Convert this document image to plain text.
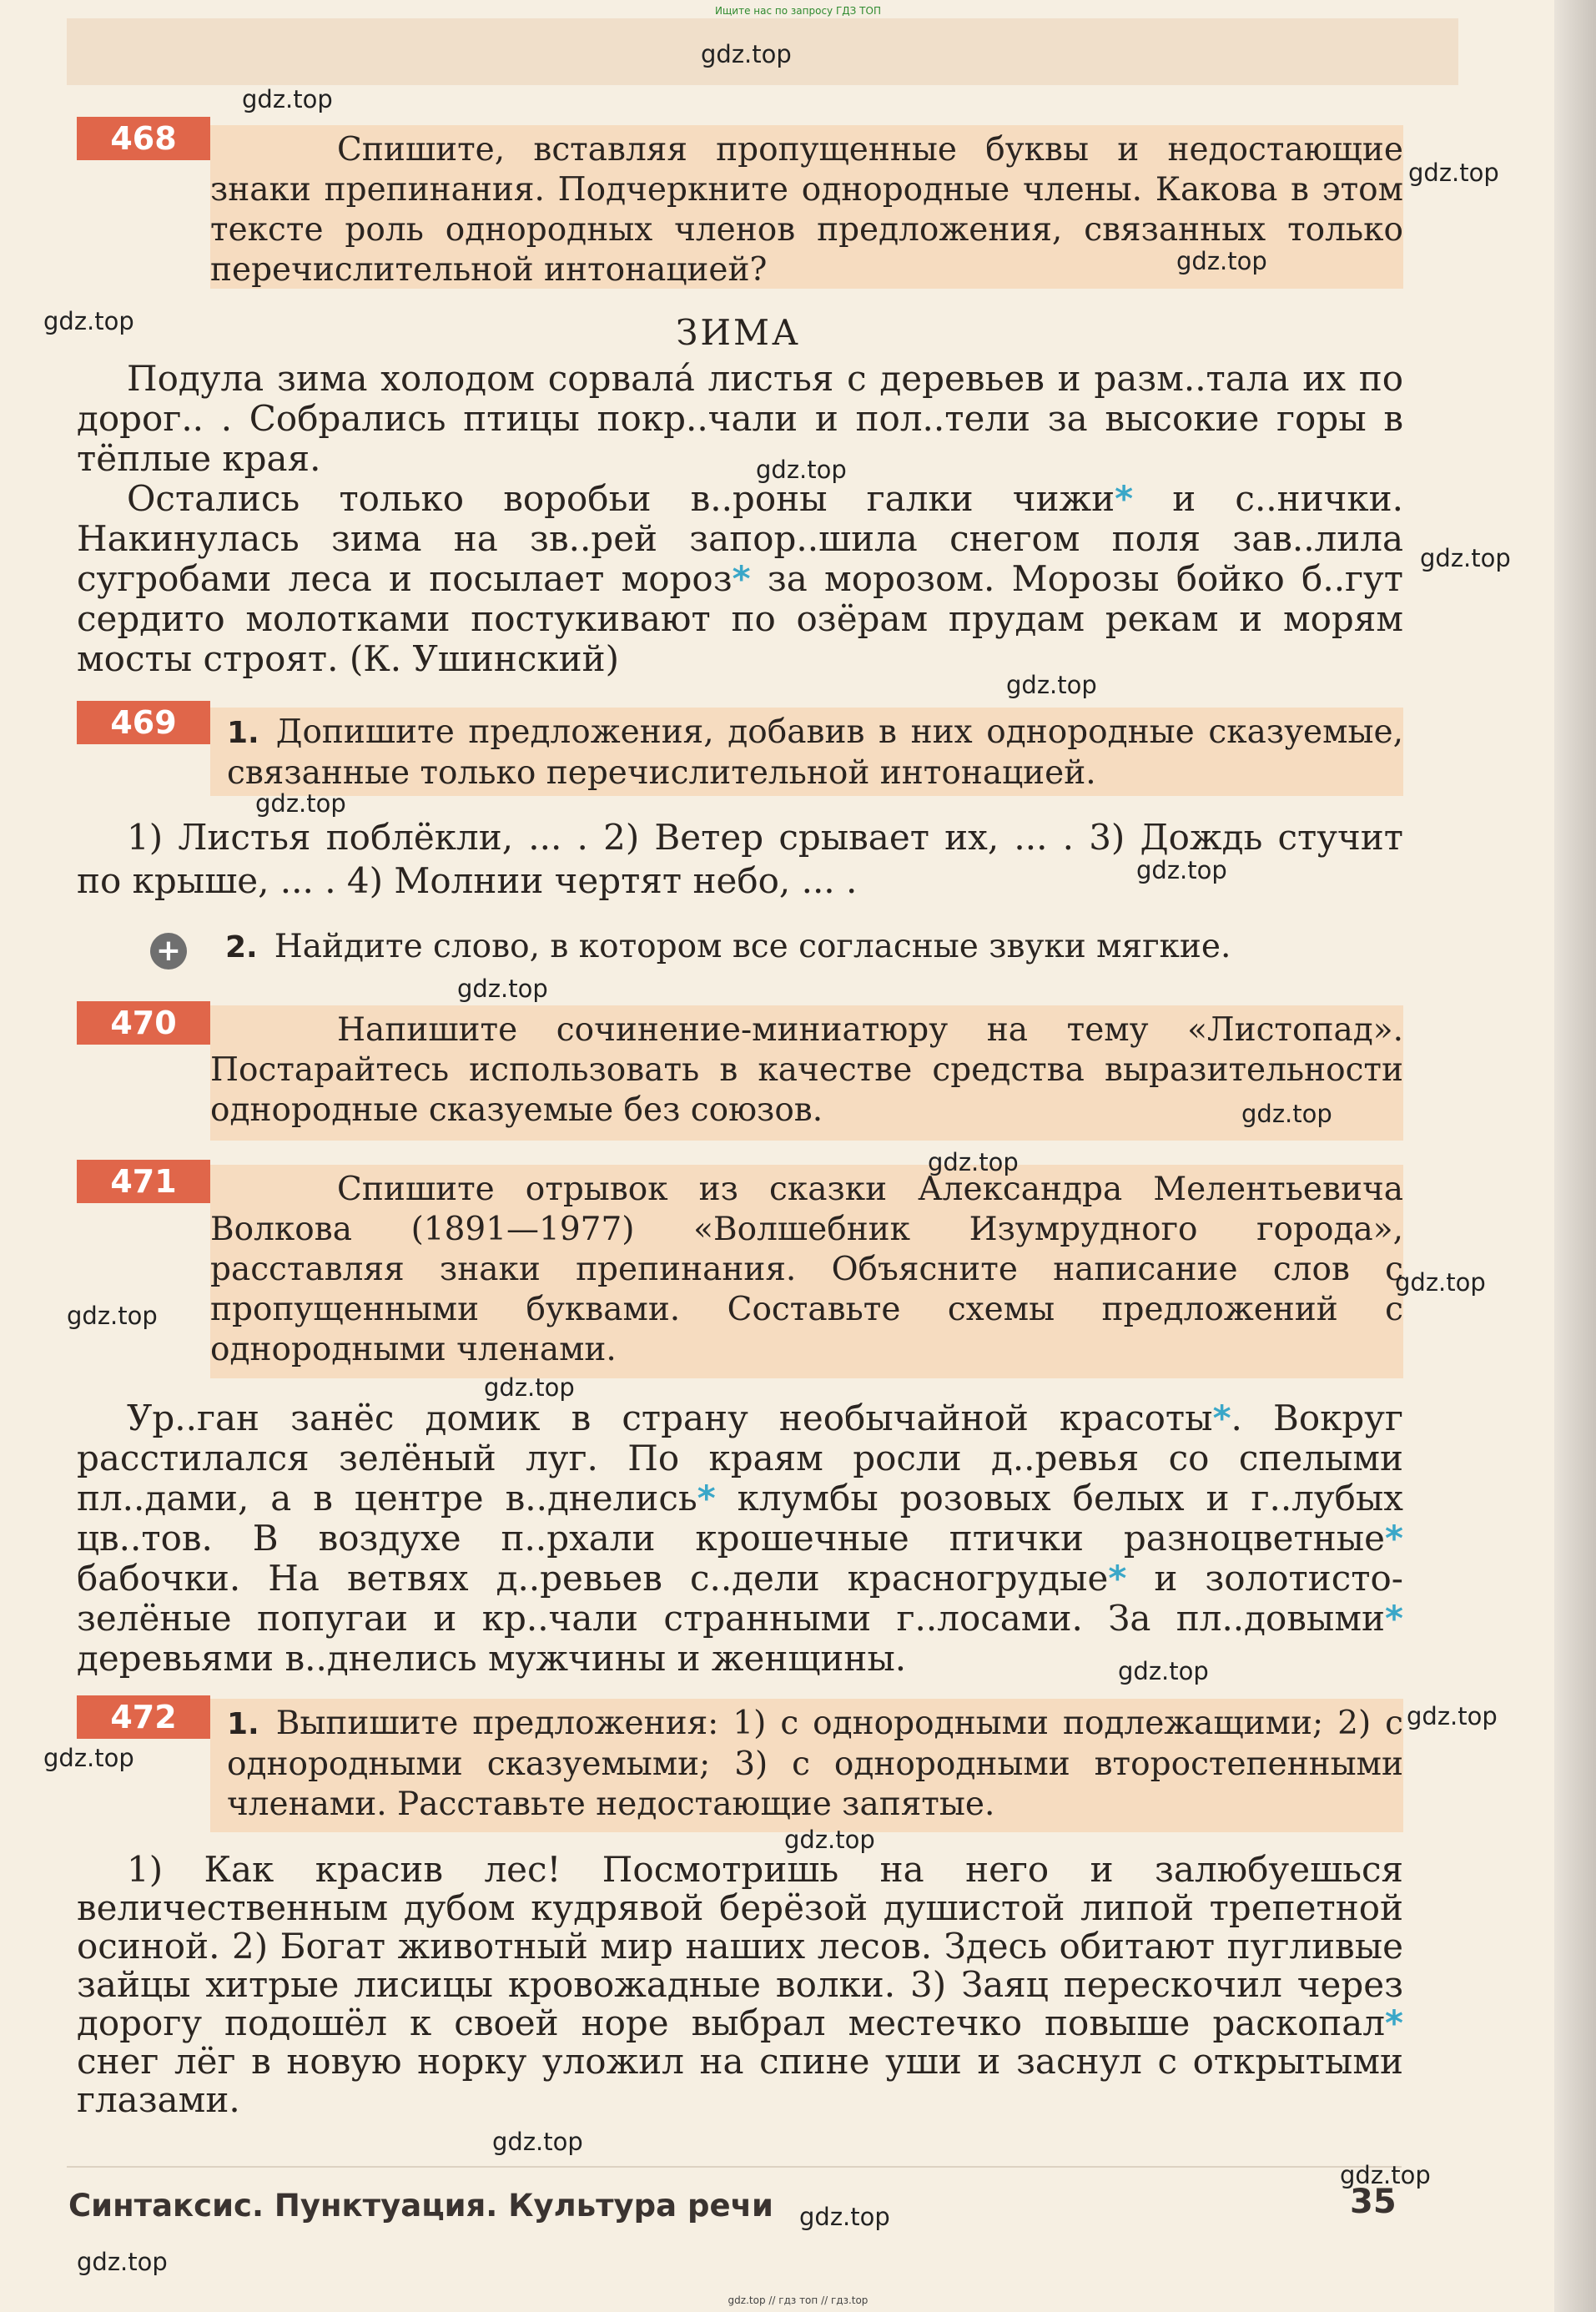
Ищите нас по запросу ГДЗ ТОП
468	Спишите, вставляя пропущенные буквы и недостающие знаки препинания. Подчеркните однородные члены. Какова в этом тексте роль однородных членов предложения, связанных только перечислительной интонацией?

ЗИМА

Подула зима холодом сорвала́ листья с деревьев и разм..тала их по дорог.. . Собрались птицы покр..чали и пол..тели за высокие горы в тёплые края.

Остались только воробьи в..роны галки чижи* и с..нички. Накинулась зима на зв..рей запор..шила снегом поля зав..лила сугробами леса и посылает мороз* за морозом. Морозы бойко б..гут сердито молотками постукивают по озёрам прудам рекам и морям мосты строят. (К. Ушинский)

469	1. Допишите предложения, добавив в них однородные сказуемые, связанные только перечислительной интонацией.

1) Листья поблёкли, ... . 2) Ветер срывает их, ... . 3) Дождь стучит по крыше, ... . 4) Молнии чертят небо, ... .

+ 2. Найдите слово, в котором все согласные звуки мягкие.
470	Напишите сочинение-миниатюру на тему «Листопад». Постарайтесь использовать в качестве средства выразительности однородные сказуемые без союзов.

471	Спишите отрывок из сказки Александра Мелентьевича Волкова (1891—1977) «Волшебник Изумрудного города», расставляя знаки препинания. Объясните написание слов с пропущенными буквами. Составьте схемы предложений с однородными членами.

Ур..ган занёс домик в страну необычайной красоты*. Вокруг расстилался зелёный луг. По краям росли д..ревья со спелыми пл..дами, а в центре в..днелись* клумбы розовых белых и г..лубых цв..тов. В воздухе п..рхали крошечные птички разноцветные* бабочки. На ветвях д..ревьев с..дели красногрудые* и золотисто-зелёные попугаи и кр..чали странными г..лосами. За пл..довыми* деревьями в..днелись мужчины и женщины.

472	1. Выпишите предложения: 1) с однородными подлежащими; 2) с однородными сказуемыми; 3) с однородными второстепенными членами. Расставьте недостающие запятые.

1) Как красив лес! Посмотришь на него и залюбуешься величественным дубом кудрявой берёзой душистой липой трепетной осиной. 2) Богат животный мир наших лесов. Здесь обитают пугливые зайцы хитрые лисицы кровожадные волки. 3) Заяц перескочил через дорогу подошёл к своей норе выбрал местечко повыше раскопал* снег лёг в новую норку уложил на спине уши и заснул с открытыми глазами.

Синтаксис. Пунктуация. Культура речи	35
gdz.top // гдз топ // гдз.top
gdz.top
gdz.top
gdz.top
gdz.top
gdz.top
gdz.top
gdz.top
gdz.top
gdz.top
gdz.top
gdz.top
gdz.top
gdz.top
gdz.top
gdz.top
gdz.top
gdz.top
gdz.top
gdz.top
gdz.top
gdz.top
gdz.top
gdz.top
gdz.top
